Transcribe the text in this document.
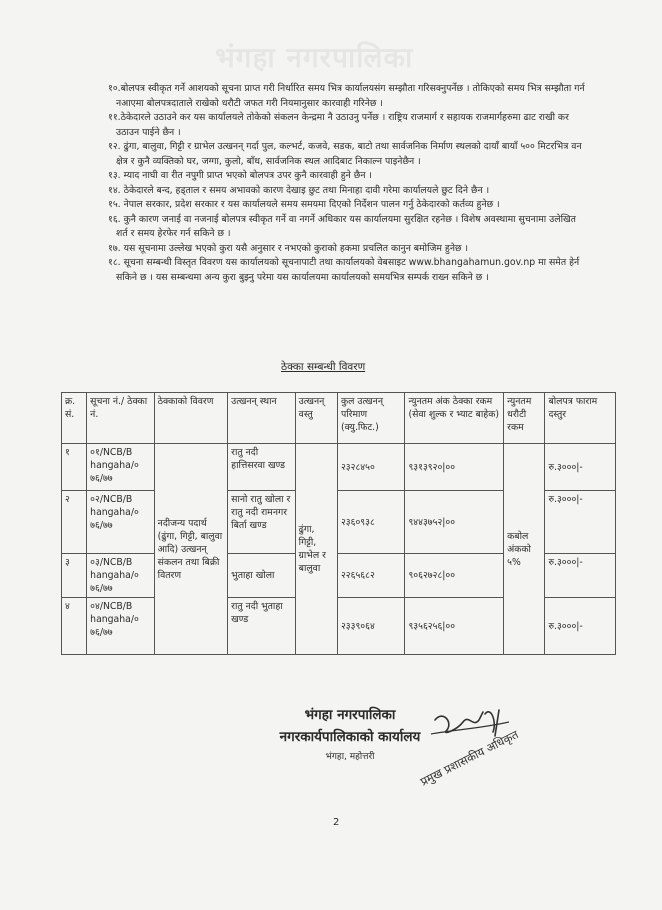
भंगहा नगरपालिका

१०.बोलपत्र स्वीकृत गर्ने आशयको सूचना प्राप्त गरी निर्धारित समय भित्र कार्यालयसंग सम्झौता गरिसक्नुपर्नेछ । तोकिएको समय भित्र सम्झौता गर्न नआएमा बोलपत्रदाताले राखेको धरौटी जफत गरी नियमानुसार कारवाही गरिनेछ ।

११.ठेकेदारले उठाउने कर यस कार्यालयले तोकेको संकलन केन्द्रमा नै उठाउनु पर्नेछ । राष्ट्रिय राजमार्ग र सहायक राजमार्गहरुमा ढाट राखी कर उठाउन पाईने छैन ।

१२. ढुंगा, बालुवा, गिट्टी र ग्राभेल उत्खनन् गर्दा पुल, कल्भर्ट, कजवे, सडक, बाटो तथा सार्वजनिक निर्माण स्थलको दायाँ बायाँ ५०० मिटरभित्र वन क्षेत्र र कुनै व्यक्तिको घर, जग्गा, कुलो, बाँध, सार्वजनिक स्थल आदिबाट निकाल्न पाइनेछैन ।

१३. म्याद नाघी वा रीत नपुगी प्राप्त भएको बोलपत्र उपर कुनै कारवाही हुने छैन ।

१४. ठेकेदारले बन्द, हड्ताल र समय अभावको कारण देखाइ छुट तथा मिनाहा दावी गरेमा कार्यालयले छुट दिने छैन ।

१५. नेपाल सरकार, प्रदेश सरकार र यस कार्यालयले समय समयमा दिएको निर्देशन पालन गर्नु ठेकेदारको कर्तव्य हुनेछ ।

१६. कुनै कारण जनाई वा नजनाई बोलपत्र स्वीकृत गर्ने वा नगर्ने अधिकार यस कार्यालयमा सुरक्षित रहनेछ । विशेष अवस्थामा सुचनामा उलेखित शर्त र समय हेरफेर गर्न सकिने छ ।

१७. यस सूचनामा उल्लेख भएको कुरा यसै अनुसार र नभएको कुराको हकमा प्रचलित कानुन बमोजिम हुनेछ ।

१८. सूचना सम्बन्धी विस्तृत विवरण यस कार्यालयको सूचनापाटी तथा कार्यालयको वेबसाइट www.bhangahamun.gov.np मा समेत हेर्न सकिने छ । यस सम्बन्धमा अन्य कुरा बुझ्नु परेमा यस कार्यालयमा कार्यालयको समयभित्र सम्पर्क राख्न सकिने छ ।

ठेक्का सम्बन्धी विवरण
क्र. सं.	सूचना नं./ ठेक्का नं.	ठेक्काको विवरण	उत्खनन् स्थान	उत्खनन् वस्तु	कुल उत्खनन् परिमाण (क्यु.फिट.)	न्युनतम अंक ठेक्का रकम (सेवा शुल्क र भ्याट बाहेक)	न्युनतम धरौटी रकम	बोलपत्र फाराम दस्तुर
१	०१/NCB/B hangaha/० ७६/७७	नदीजन्य पदार्थ (ढुंगा, गिट्टी, बालुवा आदि) उत्खनन् संकलन तथा बिक्री वितरण	रातु नदी हात्तिसरवा खण्ड	ढुंगा, गिट्टी, ग्राभेल र बालुवा	२३२८४५०	९३१३९२०|००	कबोल अंकको ५%	रु.३०००|-
२	०२/NCB/B hangaha/० ७६/७७		सानो रातु खोला र रातु नदी रामनगर बिर्ता खण्ड		२३६०९३८	९४४३७५२|००		रु.३०००|-
३	०३/NCB/B hangaha/० ७६/७७		भुताहा खोला		२२६५६८२	९०६२७२८|००		रु.३०००|-
४	०४/NCB/B hangaha/० ७६/७७		रातु नदी भुताहा खण्ड		२३३९०६४	९३५६२५६|००		रु.३०००|-
भंगहा नगरपालिका
नगरकार्यपालिकाको कार्यालय
भंगहा, महोत्तरी	प्रमुख प्रशासकीय अधिकृत
2
